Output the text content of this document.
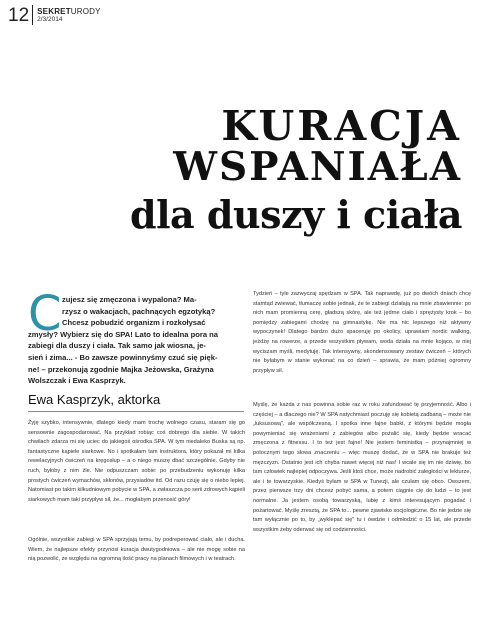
12 SEKRETURODY
2/3/2014
KURACJA
WSPANIAŁA
dla duszy i ciała
C zujesz się zmęczona i wypalona? Ma-
rzysz o wakacjach, pachnących egzotyką?
Chcesz pobudzić organizm i rozkołysać
zmysły? Wybierz się do SPA! Lato to idealna pora na
zabiegi dla duszy i ciała. Tak samo jak wiosna, je-
sień i zima... - Bo zawsze powinnyśmy czuć się pięk-
ne! – przekonują zgodnie Majka Jeżowska, Grażyna
Wolszczak i Ewa Kasprzyk.
Ewa Kasprzyk, aktorka
Żyję szybko, intensywnie, dlatego kiedy mam trochę wolnego czasu, staram się go sensownie zagospodarować. Na przykład robiąc coś dobrego dla siebie. W takich chwilach zdarza mi się uciec do jakiegoś ośrodka SPA. W tym niedaleko Buska są np. fantastyczne kąpiele siarkowe. No i spotkałam tam instruktora, który pokazał mi kilka rewelacyjnych ćwiczeń na kręgosłup – a o niego muszę dbać szczególnie. Gdyby nie ruch, byłoby z nim źle. Nie odpuszczam sobie: po przebudzeniu wykonuję kilka prostych ćwiczeń wymachów, skłonów, przysiadów itd. Od razu czuję się o niebo lepiej. Natomiast po takim kilkudniowym pobycie w SPA, a zwłaszcza po serii zdrowych kąpieli siarkowych mam taki przypływ sił, że... mogłabym przenosić góry!
Ogólnie, wszystkie zabiegi w SPA sprzyjają temu, by podreperować ciało, ale i ducha. Wiem, że najlepsze efekty przynosi kuracja dwutygodniowa – ale nie mogę sobie na nią pozwolić, ze względu na ogromną ilość pracy na planach filmowych i w teatrach.
Tydzień – tyle zazwyczaj spędzam w SPA. Tak naprawdę, już po dwóch dniach chcę stamtąd zwiewać, tłumaczę sobie jednak, że te zabiegi działają na mnie zbawiennie: po nich mam promienną cerę, gładszą skórę, ale też jędrne ciało i sprężysty krok – bo pomiędzy zabiegami chodzę na gimnastykę. Nie ma nic lepszego niż aktywny wypoczynek! Dlatego bardzo dużo spaceruję po okolicy, uprawiam nordic walking, jeżdżę na rowerze, a przede wszystkim pływam, woda działa na mnie kojąco, w niej wyciszam myśli, medytuję. Tak intensywny, skondensowany zestaw ćwiczeń – których nie byłabym w stanie wykonać na co dzień – sprawia, że mam później ogromny przypływ sił.
Myślę, że każda z nas powinna sobie raz w roku zafundować tę przyjemność. Albo i częściej – a dlaczego nie? W SPA natychmiast poczuję się kobietą zadbaną – może nie „luksusową", ale współczesną. I spotka inne fajne babki, z którymi będzie mogła powymieniać się wrażeniami z zabiegów albo pożalić się, kiedy będzie wracać zmęczona z fitnessu. I to też jest fajne! Nie jestem feministką – przynajmniej w potocznym tego słowa znaczeniu – więc muszę dodać, że w SPA nie brakuje też mężczyzn. Ostatnio jest ich chyba nawet więcej niż nas! I wcale się im nie dziwię, bo tam człowiek najlepiej odpoczywa. Jeśli ktoś chce, może nadrobić zaległości w lekturze, ale i te towarzyskie. Kiedyś byłam w SPA w Tunezji, ale czułam się obco. Owszem, przez pierwsze trzy dni chcesz pobyć sama, a potem ciągnie cię do ludzi – to jest normalne. Ja jestem osobą towarzyską, lubię z kimś interesującym pogadać i pożartować. Myślę zresztą, że SPA to... pewne zjawisko socjologiczne. Bo nie jedzie się tam wyłącznie po to, by „wyklepać się" tu i ówdzie i odmłodzić o 15 lat, ale przede wszystkim żeby oderwać się od codzienności.
